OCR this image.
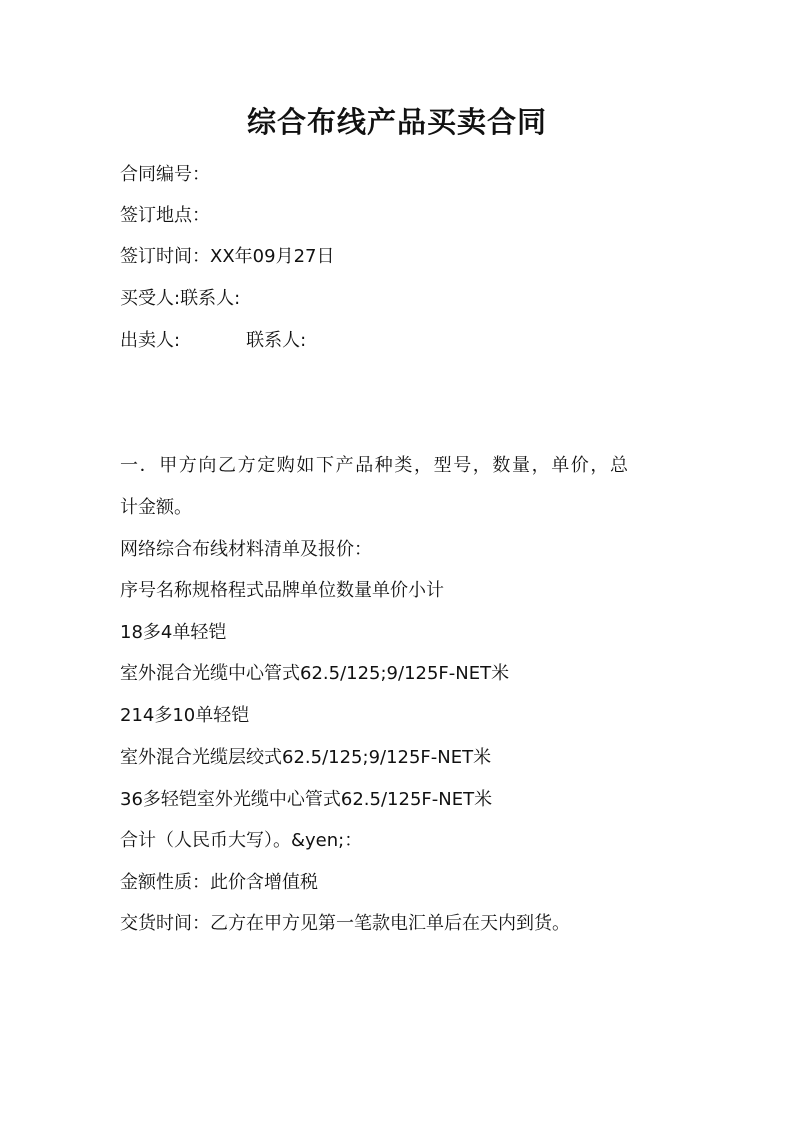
综合布线产品买卖合同

合同编号：

签订地点：

签订时间：XX年09月27日

买受人:联系人:

出卖人:	联系人:

一．甲方向乙方定购如下产品种类，型号，数量，单价，总

计金额。

网络综合布线材料清单及报价：

序号名称规格程式品牌单位数量单价小计

18多4单轻铠

室外混合光缆中心管式62.5/125;9/125F-NET米

214多10单轻铠

室外混合光缆层绞式62.5/125;9/125F-NET米

36多轻铠室外光缆中心管式62.5/125F-NET米

合计（人民币大写）。&yen;：

金额性质：此价含增值税

交货时间：乙方在甲方见第一笔款电汇单后在天内到货。
